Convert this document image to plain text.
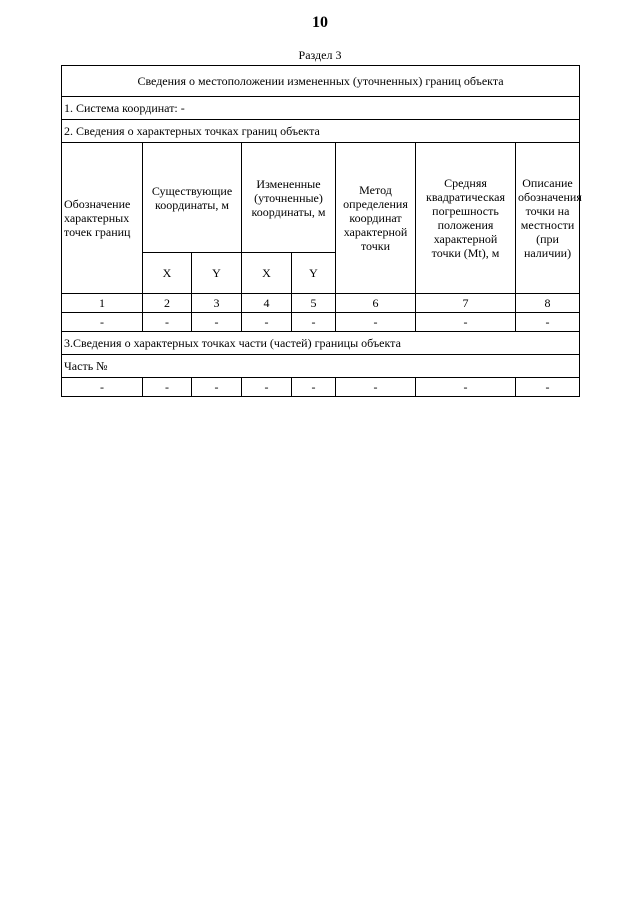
10
Раздел 3
Сведения о местоположении измененных (уточненных) границ объекта							
1. Система координат: -							
2. Сведения о характерных точках границ объекта							
Обозначение характерных точек границ	Существующие координаты, м		Измененные (уточненные) координаты, м		Метод определения координат характерной точки	Средняя квадратическая погрешность положения характерной точки (Mt), м	Описание обозначения точки на местности (при наличии)
	X	Y	X	Y			
1	2	3	4	5	6	7	8
-	-	-	-	-	-	-	-
3.Сведения о характерных точках части (частей) границы объекта							
Часть №							
-	-	-	-	-	-	-	-
